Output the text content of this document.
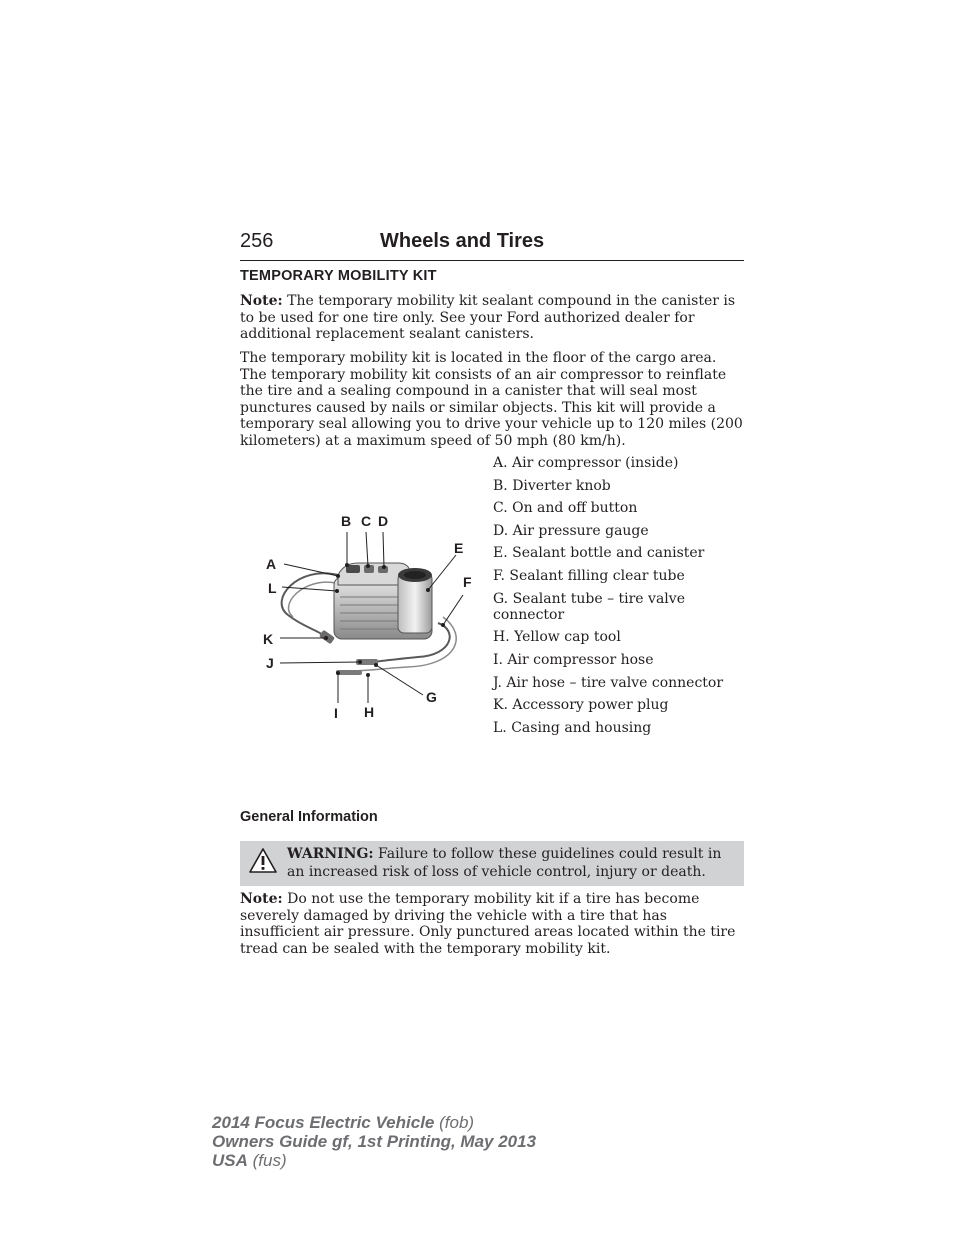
256	Wheels and Tires
TEMPORARY MOBILITY KIT

Note: The temporary mobility kit sealant compound in the canister is to be used for one tire only. See your Ford authorized dealer for additional replacement sealant canisters.

The temporary mobility kit is located in the floor of the cargo area. The temporary mobility kit consists of an air compressor to reinflate the tire and a sealing compound in a canister that will seal most punctures caused by nails or similar objects. This kit will provide a temporary seal allowing you to drive your vehicle up to 120 miles (200 kilometers) at a maximum speed of 50 mph (80 km/h).

A
B C D
E
F
G
H
I
J
K
L
A. Air compressor (inside)
B. Diverter knob
C. On and off button
D. Air pressure gauge
E. Sealant bottle and canister
F. Sealant filling clear tube
G. Sealant tube – tire valve connector
H. Yellow cap tool
I. Air compressor hose
J. Air hose – tire valve connector
K. Accessory power plug
L. Casing and housing
General Information
WARNING: Failure to follow these guidelines could result in an increased risk of loss of vehicle control, injury or death.

Note: Do not use the temporary mobility kit if a tire has become severely damaged by driving the vehicle with a tire that has insufficient air pressure. Only punctured areas located within the tire tread can be sealed with the temporary mobility kit.

2014 Focus Electric Vehicle (fob)
Owners Guide gf, 1st Printing, May 2013
USA (fus)
